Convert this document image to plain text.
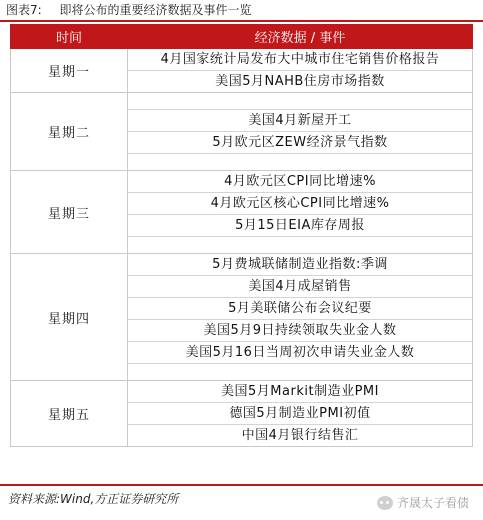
图表7: 即将公布的重要经济数据及事件一览
时间	经济数据 / 事件
星期一	4月国家统计局发布大中城市住宅销售价格报告
美国5月NAHB住房市场指数

星期二	美国4月新屋开工
5月欧元区ZEW经济景气指数

星期三	4月欧元区CPI同比增速%
4月欧元区核心CPI同比增速%
5月15日EIA库存周报

星期四	5月费城联储制造业指数:季调
美国4月成屋销售
5月美联储公布会议纪要
美国5月9日持续领取失业金人数
美国5月16日当周初次申请失业金人数

星期五	美国5月Markit制造业PMI
德国5月制造业PMI初值
中国4月银行结售汇
资料来源:Wind,方正证券研究所	齐晟太子看债
